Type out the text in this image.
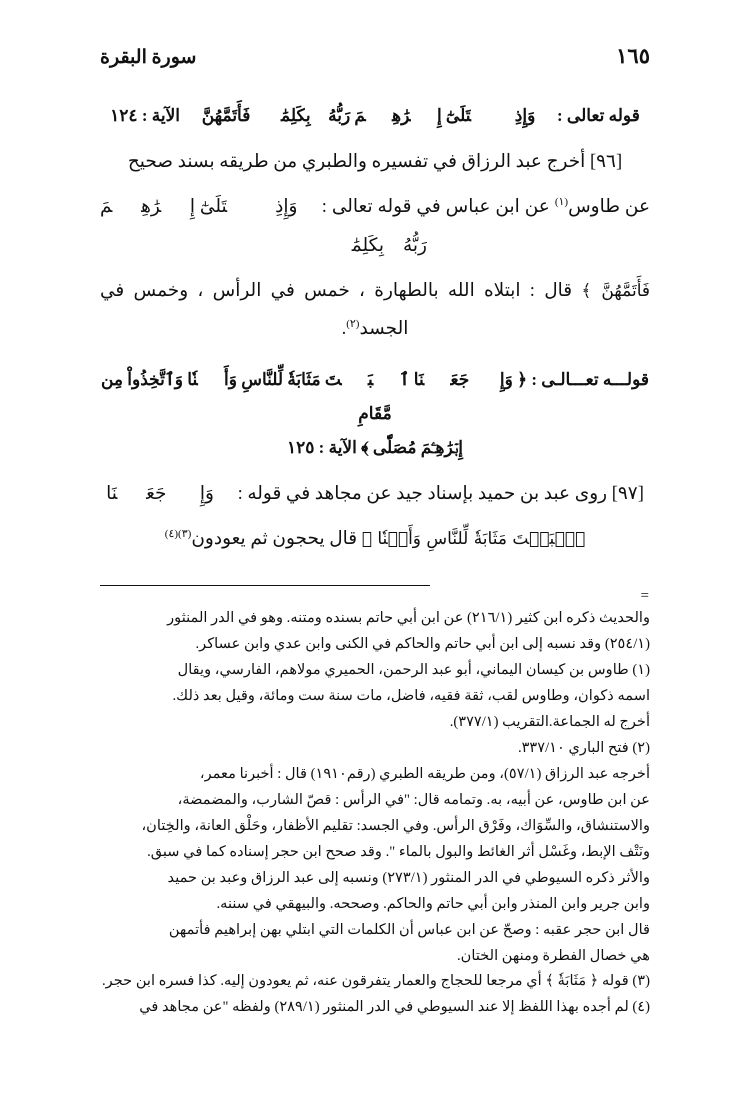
سورة البقرة	١٦٥
قوله تعالى : ﴿ وَإِذِ ٱبۡتَلَىٰٓ إِبۡرَٰهِـۧمَ رَبُّهُۥ بِكَلِمَٰتٖ فَأَتَمَّهُنَّ ﴾ الآية : ١٢٤

[٩٦] أخرج عبد الرزاق في تفسيره والطبري من طريقه بسند صحيح

عن طاوس$^{(١)}$ عن ابن عباس في قوله تعالى : ﴿ وَإِذِ ٱبۡتَلَىٰٓ إِبۡرَٰهِـۧمَ رَبُّهُۥ بِكَلِمَٰتٖ

فَأَتَمَّهُنَّ ﴾ قال : ابتلاه الله بالطهارة ، خمس في الرأس ، وخمس في الجسد$^{(٢)}$.

قولـــه تعـــالـى : ﴿ وَإِذۡ جَعَلۡنَا ٱلۡبَيۡتَ مَثَابَةٗ لِّلنَّاسِ وَأَمۡنٗا وَٱتَّخِذُواْ مِن مَّقَامِ
إِبۡرَٰهِـۧمَ مُصَلّٗى ﴾ الآية : ١٢٥

[٩٧] روى عبد بن حميد بإسناد جيد عن مجاهد في قوله : ﴿ وَإِذۡ جَعَلۡنَا

ٱلۡبَيۡتَ مَثَابَةٗ لِّلنَّاسِ وَأَمۡنٗا ﴾ قال يحجون ثم يعودون$^{(٣)(٤)}$

=

والحديث ذكره ابن كثير (٢١٦/١) عن ابن أبي حاتم بسنده ومتنه. وهو في الدر المنثور

(٢٥٤/١) وقد نسبه إلى ابن أبي حاتم والحاكم في الكنى وابن عدي وابن عساكر.

(١) طاوس بن كيسان اليماني، أبو عبد الرحمن، الحميري مولاهم، الفارسي، ويقال

اسمه ذكوان، وطاوس لقب، ثقة فقيه، فاضل، مات سنة ست ومائة، وقيل بعد ذلك.

أخرج له الجماعة.التقريب (٣٧٧/١).

(٢) فتح الباري ٣٣٧/١٠.

أخرجه عبد الرزاق (٥٧/١)، ومن طريقه الطبري (رقم١٩١٠) قال : أخبرنا معمر،

عن ابن طاوس، عن أبيه، به. وتمامه قال: "في الرأس : قصّ الشارب، والمضمضة،

والاستنشاق، والسِّوَاك، وفَرْق الرأس. وفي الجسد: تقليم الأظفار، وحَلْق العانة، والخِتان،

ونَتْف الإبط، وغَسْل أثر الغائط والبول بالماء ". وقد صحح ابن حجر إسناده كما في سبق.

والأثر ذكره السيوطي في الدر المنثور (٢٧٣/١) ونسبه إلى عبد الرزاق وعبد بن حميد

وابن جرير وابن المنذر وابن أبي حاتم والحاكم. وصححه. والبيهقي في سننه.

قال ابن حجر عقبه : وصحّ عن ابن عباس أن الكلمات التي ابتلي بهن إبراهيم فأتمهن

هي خصال الفطرة ومنهن الختان.

(٣) قوله ﴿ مَثَابَةٗ ﴾ أي مرجعا للحجاج والعمار يتفرقون عنه، ثم يعودون إليه. كذا فسره ابن حجر.

(٤) لم أجده بهذا اللفظ إلا عند السيوطي في الدر المنثور (٢٨٩/١) ولفظه "عن مجاهد في
